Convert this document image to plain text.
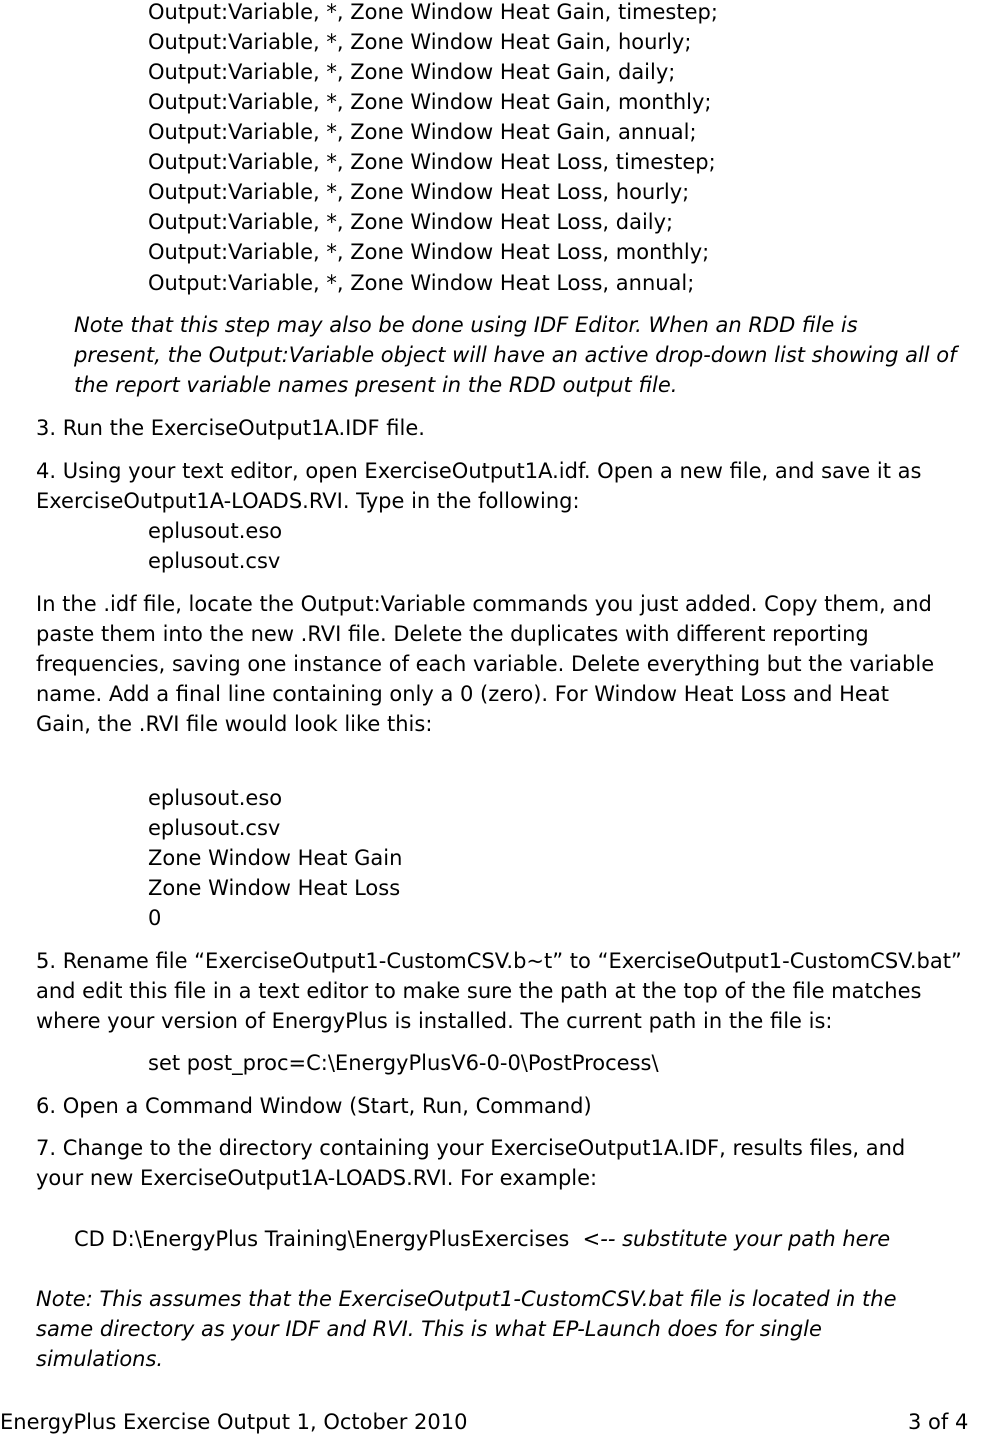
Output:Variable, *, Zone Window Heat Gain, timestep;
Output:Variable, *, Zone Window Heat Gain, hourly;
Output:Variable, *, Zone Window Heat Gain, daily;
Output:Variable, *, Zone Window Heat Gain, monthly;
Output:Variable, *, Zone Window Heat Gain, annual;
Output:Variable, *, Zone Window Heat Loss, timestep;
Output:Variable, *, Zone Window Heat Loss, hourly;
Output:Variable, *, Zone Window Heat Loss, daily;
Output:Variable, *, Zone Window Heat Loss, monthly;
Output:Variable, *, Zone Window Heat Loss, annual;
Note that this step may also be done using IDF Editor. When an RDD file is
present, the Output:Variable object will have an active drop-down list showing all of
the report variable names present in the RDD output file.
3. Run the ExerciseOutput1A.IDF file.
4. Using your text editor, open ExerciseOutput1A.idf. Open a new file, and save it as
ExerciseOutput1A-LOADS.RVI. Type in the following:
eplusout.eso
eplusout.csv
In the .idf file, locate the Output:Variable commands you just added. Copy them, and
paste them into the new .RVI file. Delete the duplicates with different reporting
frequencies, saving one instance of each variable. Delete everything but the variable
name. Add a final line containing only a 0 (zero). For Window Heat Loss and Heat
Gain, the .RVI file would look like this:
eplusout.eso
eplusout.csv
Zone Window Heat Gain
Zone Window Heat Loss
0
5. Rename file “ExerciseOutput1-CustomCSV.b~t” to “ExerciseOutput1-CustomCSV.bat”
and edit this file in a text editor to make sure the path at the top of the file matches
where your version of EnergyPlus is installed. The current path in the file is:
set post_proc=C:\EnergyPlusV6-0-0\PostProcess\
6. Open a Command Window (Start, Run, Command)
7. Change to the directory containing your ExerciseOutput1A.IDF, results files, and
your new ExerciseOutput1A-LOADS.RVI. For example:
CD D:\EnergyPlus Training\EnergyPlusExercises  <-- substitute your path here
Note: This assumes that the ExerciseOutput1-CustomCSV.bat file is located in the
same directory as your IDF and RVI. This is what EP-Launch does for single
simulations.
EnergyPlus Exercise Output 1, October 2010	3 of 4
